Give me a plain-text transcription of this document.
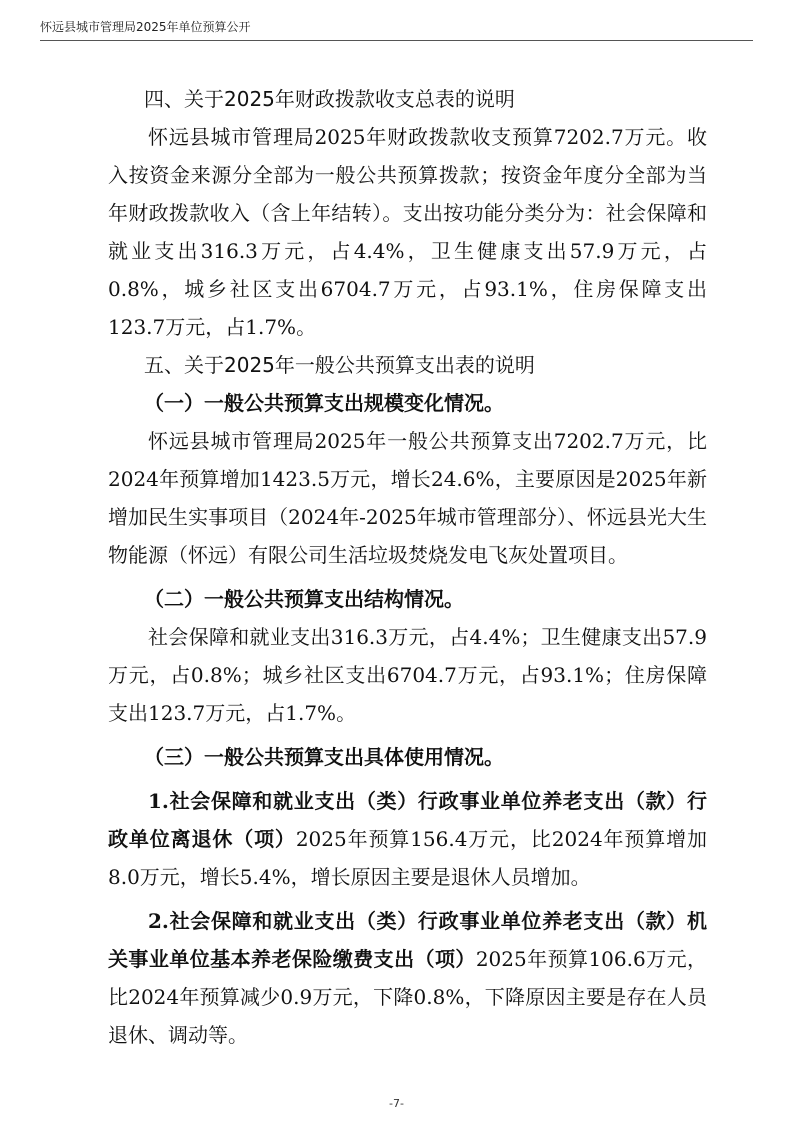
怀远县城市管理局2025年单位预算公开

四、关于2025年财政拨款收支总表的说明

怀远县城市管理局2025年财政拨款收支预算7202.7万元。收入按资金来源分全部为一般公共预算拨款；按资金年度分全部为当年财政拨款收入（含上年结转）。支出按功能分类分为：社会保障和就业支出316.3万元，占4.4%，卫生健康支出57.9万元，占0.8%，城乡社区支出6704.7万元，占93.1%，住房保障支出123.7万元，占1.7%。

五、关于2025年一般公共预算支出表的说明

（一）一般公共预算支出规模变化情况。

怀远县城市管理局2025年一般公共预算支出7202.7万元，比2024年预算增加1423.5万元，增长24.6%，主要原因是2025年新增加民生实事项目（2024年-2025年城市管理部分）、怀远县光大生物能源（怀远）有限公司生活垃圾焚烧发电飞灰处置项目。

（二）一般公共预算支出结构情况。

社会保障和就业支出316.3万元，占4.4%；卫生健康支出57.9万元，占0.8%；城乡社区支出6704.7万元，占93.1%；住房保障支出123.7万元，占1.7%。

（三）一般公共预算支出具体使用情况。

1.社会保障和就业支出（类）行政事业单位养老支出（款）行政单位离退休（项）2025年预算156.4万元，比2024年预算增加8.0万元，增长5.4%，增长原因主要是退休人员增加。

2.社会保障和就业支出（类）行政事业单位养老支出（款）机关事业单位基本养老保险缴费支出（项）2025年预算106.6万元，比2024年预算减少0.9万元，下降0.8%，下降原因主要是存在人员退休、调动等。

-7-
